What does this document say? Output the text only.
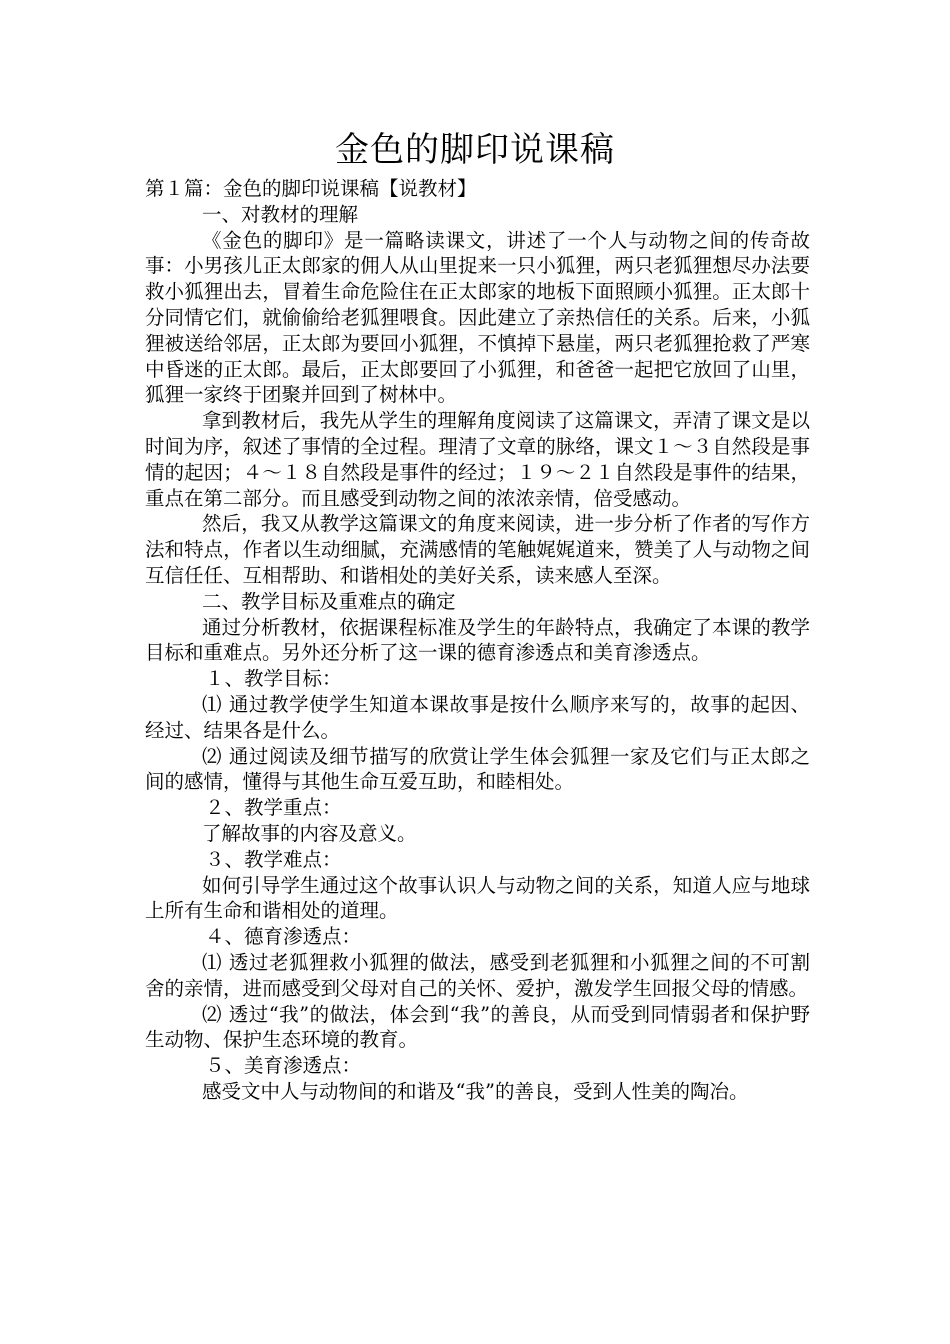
金色的脚印说课稿

第１篇：金色的脚印说课稿【说教材】

一、对教材的理解

《金色的脚印》是一篇略读课文，讲述了一个人与动物之间的传奇故事：小男孩儿正太郎家的佣人从山里捉来一只小狐狸，两只老狐狸想尽办法要救小狐狸出去，冒着生命危险住在正太郎家的地板下面照顾小狐狸。正太郎十分同情它们，就偷偷给老狐狸喂食。因此建立了亲热信任的关系。后来，小狐狸被送给邻居，正太郎为要回小狐狸，不慎掉下悬崖，两只老狐狸抢救了严寒中昏迷的正太郎。最后，正太郎要回了小狐狸，和爸爸一起把它放回了山里，狐狸一家终于团聚并回到了树林中。

拿到教材后，我先从学生的理解角度阅读了这篇课文，弄清了课文是以时间为序，叙述了事情的全过程。理清了文章的脉络，课文１～３自然段是事情的起因；４～１８自然段是事件的经过；１９～２１自然段是事件的结果，重点在第二部分。而且感受到动物之间的浓浓亲情，倍受感动。

然后，我又从教学这篇课文的角度来阅读，进一步分析了作者的写作方法和特点，作者以生动细腻，充满感情的笔触娓娓道来，赞美了人与动物之间互信任任、互相帮助、和谐相处的美好关系，读来感人至深。

二、教学目标及重难点的确定

通过分析教材，依据课程标准及学生的年龄特点，我确定了本课的教学目标和重难点。另外还分析了这一课的德育渗透点和美育渗透点。

１、教学目标：

⑴ 通过教学使学生知道本课故事是按什么顺序来写的，故事的起因、经过、结果各是什么。

⑵ 通过阅读及细节描写的欣赏让学生体会狐狸一家及它们与正太郎之间的感情，懂得与其他生命互爱互助，和睦相处。

２、教学重点：

了解故事的内容及意义。

３、教学难点：

如何引导学生通过这个故事认识人与动物之间的关系，知道人应与地球上所有生命和谐相处的道理。

４、德育渗透点：

⑴ 透过老狐狸救小狐狸的做法，感受到老狐狸和小狐狸之间的不可割舍的亲情，进而感受到父母对自己的关怀、爱护，激发学生回报父母的情感。

⑵ 透过“我”的做法，体会到“我”的善良，从而受到同情弱者和保护野生动物、保护生态环境的教育。

５、美育渗透点：

感受文中人与动物间的和谐及“我”的善良，受到人性美的陶冶。
